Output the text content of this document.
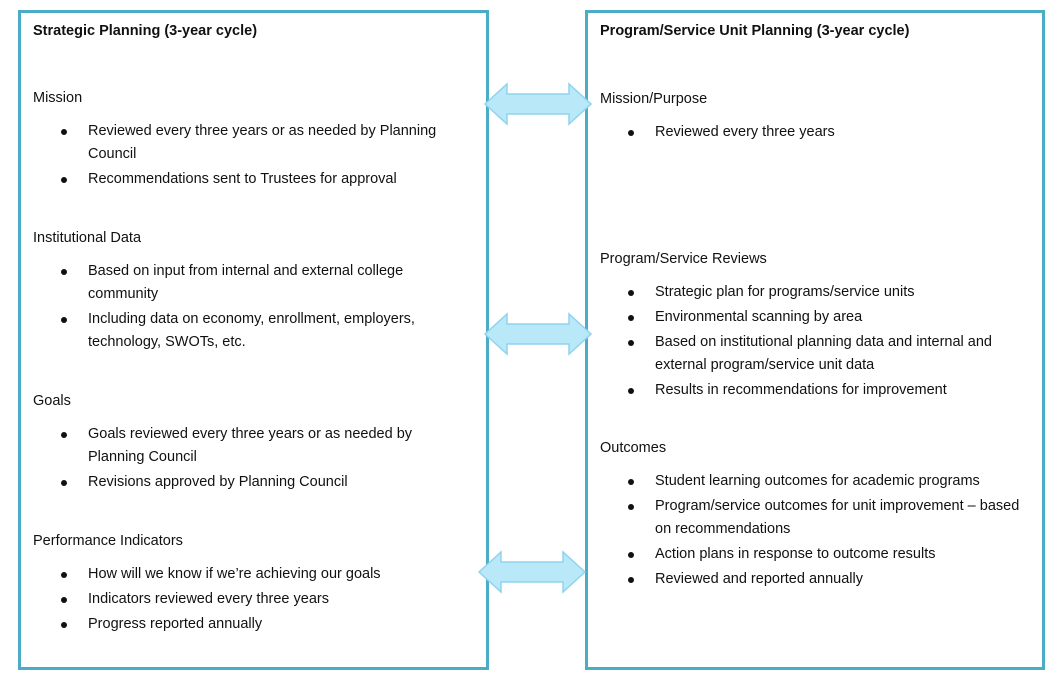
Strategic Planning (3-year cycle)
Mission
Reviewed every three years or as needed by Planning Council
Recommendations sent to Trustees for approval
Institutional Data
Based on input from internal and external college community
Including data on economy, enrollment, employers, technology, SWOTs, etc.
Goals
Goals reviewed every three years or as needed by Planning Council
Revisions approved by Planning Council
Performance Indicators
How will we know if we’re achieving our goals
Indicators reviewed every three years
Progress reported annually
Program/Service Unit Planning (3-year cycle)
Mission/Purpose
Reviewed every three years
Program/Service Reviews
Strategic plan for programs/service units
Environmental scanning by area
Based on institutional planning data and internal and external program/service unit data
Results in recommendations for improvement
Outcomes
Student learning outcomes for academic programs
Program/service outcomes for unit improvement – based on recommendations
Action plans in response to outcome results
Reviewed and reported annually
